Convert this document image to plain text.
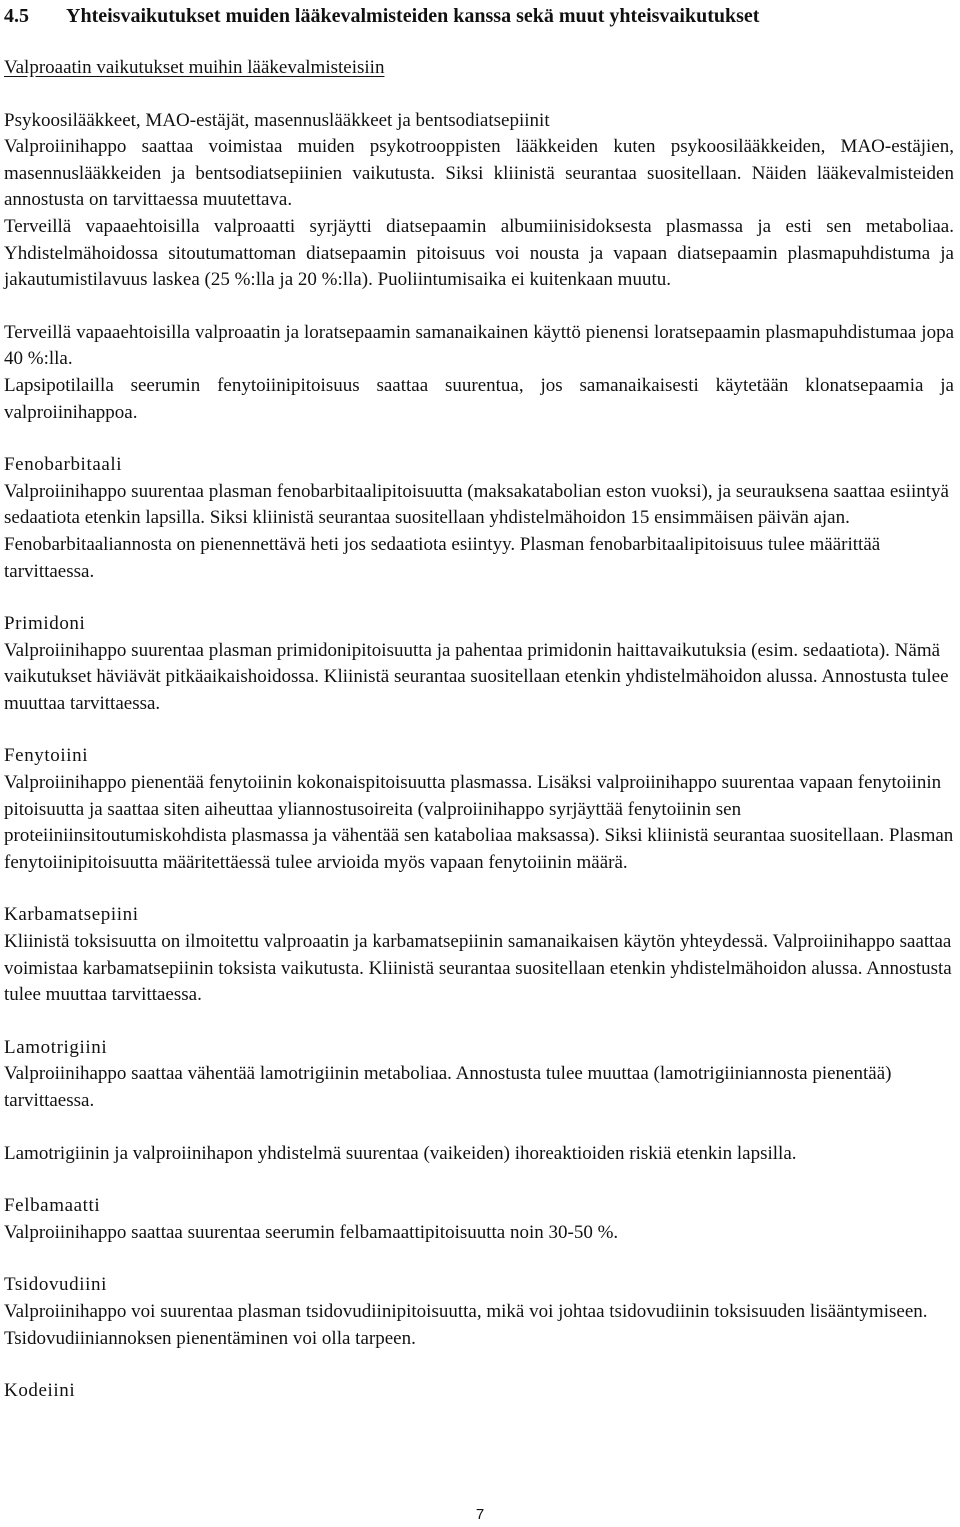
4.5	Yhteisvaikutukset muiden lääkevalmisteiden kanssa sekä muut yhteisvaikutukset
Valproaatin vaikutukset muihin lääkevalmisteisiin
Psykoosilääkkeet, MAO-estäjät, masennuslääkkeet ja bentsodiatsepiinit

Valproiinihappo saattaa voimistaa muiden psykotrooppisten lääkkeiden kuten psykoosilääkkeiden, MAO-estäjien, masennuslääkkeiden ja bentsodiatsepiinien vaikutusta. Siksi kliinistä seurantaa suositellaan. Näiden lääkevalmisteiden annostusta on tarvittaessa muutettava.

Terveillä vapaaehtoisilla valproaatti syrjäytti diatsepaamin albumiinisidoksesta plasmassa ja esti sen metaboliaa. Yhdistelmähoidossa sitoutumattoman diatsepaamin pitoisuus voi nousta ja vapaan diatsepaamin plasmapuhdistuma ja jakautumistilavuus laskea (25 %:lla ja 20 %:lla). Puoliintumisaika ei kuitenkaan muutu.

Terveillä vapaaehtoisilla valproaatin ja loratsepaamin samanaikainen käyttö pienensi loratsepaamin plasmapuhdistumaa jopa 40 %:lla.

Lapsipotilailla seerumin fenytoiinipitoisuus saattaa suurentua, jos samanaikaisesti käytetään klonatsepaamia ja valproiinihappoa.

Fenobarbitaali

Valproiinihappo suurentaa plasman fenobarbitaalipitoisuutta (maksakatabolian eston vuoksi), ja seurauksena saattaa esiintyä sedaatiota etenkin lapsilla. Siksi kliinistä seurantaa suositellaan yhdistelmähoidon 15 ensimmäisen päivän ajan. Fenobarbitaaliannosta on pienennettävä heti jos sedaatiota esiintyy. Plasman fenobarbitaalipitoisuus tulee määrittää tarvittaessa.

Primidoni

Valproiinihappo suurentaa plasman primidonipitoisuutta ja pahentaa primidonin haittavaikutuksia (esim. sedaatiota). Nämä vaikutukset häviävät pitkäaikaishoidossa. Kliinistä seurantaa suositellaan etenkin yhdistelmähoidon alussa. Annostusta tulee muuttaa tarvittaessa.

Fenytoiini

Valproiinihappo pienentää fenytoiinin kokonaispitoisuutta plasmassa. Lisäksi valproiinihappo suurentaa vapaan fenytoiinin pitoisuutta ja saattaa siten aiheuttaa yliannostusoireita (valproiinihappo syrjäyttää fenytoiinin sen proteiiniinsitoutumiskohdista plasmassa ja vähentää sen kataboliaa maksassa). Siksi kliinistä seurantaa suositellaan. Plasman fenytoiinipitoisuutta määritettäessä tulee arvioida myös vapaan fenytoiinin määrä.

Karbamatsepiini

Kliinistä toksisuutta on ilmoitettu valproaatin ja karbamatsepiinin samanaikaisen käytön yhteydessä. Valproiinihappo saattaa voimistaa karbamatsepiinin toksista vaikutusta. Kliinistä seurantaa suositellaan etenkin yhdistelmähoidon alussa. Annostusta tulee muuttaa tarvittaessa.

Lamotrigiini

Valproiinihappo saattaa vähentää lamotrigiinin metaboliaa. Annostusta tulee muuttaa (lamotrigiiniannosta pienentää) tarvittaessa.

Lamotrigiinin ja valproiinihapon yhdistelmä suurentaa (vaikeiden) ihoreaktioiden riskiä etenkin lapsilla.

Felbamaatti

Valproiinihappo saattaa suurentaa seerumin felbamaattipitoisuutta noin 30-50 %.

Tsidovudiini

Valproiinihappo voi suurentaa plasman tsidovudiinipitoisuutta, mikä voi johtaa tsidovudiinin toksisuuden lisääntymiseen. Tsidovudiiniannoksen pienentäminen voi olla tarpeen.

Kodeiini
7
